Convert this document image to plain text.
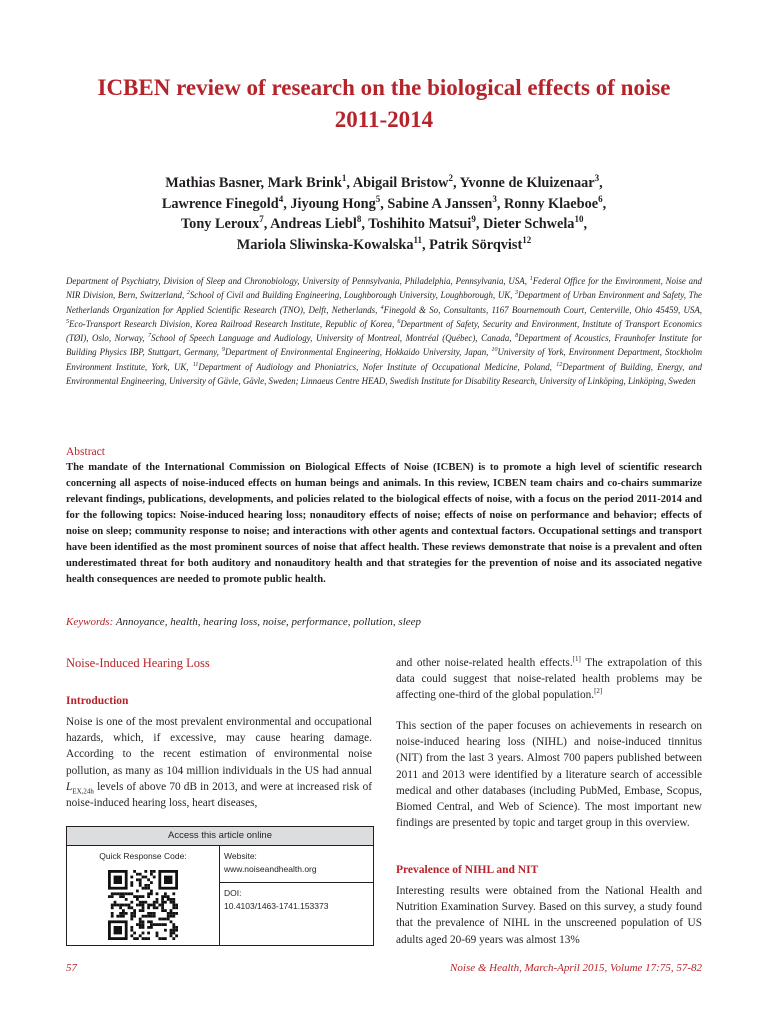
ICBEN review of research on the biological effects of noise
2011-2014
Mathias Basner, Mark Brink$^1$, Abigail Bristow$^2$, Yvonne de Kluizenaar$^3$,
Lawrence Finegold$^4$, Jiyoung Hong$^5$, Sabine A Janssen$^3$, Ronny Klaeboe$^6$,
Tony Leroux$^7$, Andreas Liebl$^8$, Toshihito Matsui$^9$, Dieter Schwela$^{10}$,
Mariola Sliwinska-Kowalska$^{11}$, Patrik Sörqvist$^{12}$
Department of Psychiatry, Division of Sleep and Chronobiology, University of Pennsylvania, Philadelphia, Pennsylvania, USA, $^1$Federal Office for the Environment, Noise and NIR Division, Bern, Switzerland, $^2$School of Civil and Building Engineering, Loughborough University, Loughborough, UK, $^3$Department of Urban Environment and Safety, The Netherlands Organization for Applied Scientific Research (TNO), Delft, Netherlands, $^4$Finegold & So, Consultants, 1167 Bournemouth Court, Centerville, Ohio 45459, USA, $^5$Eco-Transport Research Division, Korea Railroad Research Institute, Republic of Korea, $^6$Department of Safety, Security and Environment, Institute of Transport Economics (TØI), Oslo, Norway, $^7$School of Speech Language and Audiology, University of Montreal, Montréal (Québec), Canada, $^8$Department of Acoustics, Fraunhofer Institute for Building Physics IBP, Stuttgart, Germany, $^9$Department of Environmental Engineering, Hokkaido University, Japan, $^{10}$University of York, Environment Department, Stockholm Environment Institute, York, UK, $^{11}$Department of Audiology and Phoniatrics, Nofer Institute of Occupational Medicine, Poland, $^{12}$Department of Building, Energy, and Environmental Engineering, University of Gävle, Gävle, Sweden; Linnaeus Centre HEAD, Swedish Institute for Disability Research, University of Linköping, Linköping, Sweden
Abstract
The mandate of the International Commission on Biological Effects of Noise (ICBEN) is to promote a high level of scientific research concerning all aspects of noise-induced effects on human beings and animals. In this review, ICBEN team chairs and co-chairs summarize relevant findings, publications, developments, and policies related to the biological effects of noise, with a focus on the period 2011-2014 and for the following topics: Noise-induced hearing loss; nonauditory effects of noise; effects of noise on performance and behavior; effects of noise on sleep; community response to noise; and interactions with other agents and contextual factors. Occupational settings and transport have been identified as the most prominent sources of noise that affect health. These reviews demonstrate that noise is a prevalent and often underestimated threat for both auditory and nonauditory health and that strategies for the prevention of noise and its associated negative health consequences are needed to promote public health.
Keywords: Annoyance, health, hearing loss, noise, performance, pollution, sleep
Noise-Induced Hearing Loss
Introduction
Noise is one of the most prevalent environmental and occupational hazards, which, if excessive, may cause hearing damage. According to the recent estimation of environmental noise pollution, as many as 104 million individuals in the US had annual $L_{EX,24h}$ levels of above 70 dB in 2013, and were at increased risk of noise-induced hearing loss, heart diseases,
Access this article online
Quick Response Code:	Website:
www.noiseandhealth.org
DOI:
10.4103/1463-1741.153373
and other noise-related health effects.[1] The extrapolation of this data could suggest that noise-related health problems may be affecting one-third of the global population.[2]
This section of the paper focuses on achievements in research on noise-induced hearing loss (NIHL) and noise-induced tinnitus (NIT) from the last 3 years. Almost 700 papers published between 2011 and 2013 were identified by a literature search of accessible medical and other databases (including PubMed, Embase, Scopus, Biomed Central, and Web of Science). The most important new findings are presented by topic and target group in this overview.
Prevalence of NIHL and NIT
Interesting results were obtained from the National Health and Nutrition Examination Survey. Based on this survey, a study found that the prevalence of NIHL in the unscreened population of US adults aged 20-69 years was almost 13%
57	Noise & Health, March-April 2015, Volume 17:75, 57-82
